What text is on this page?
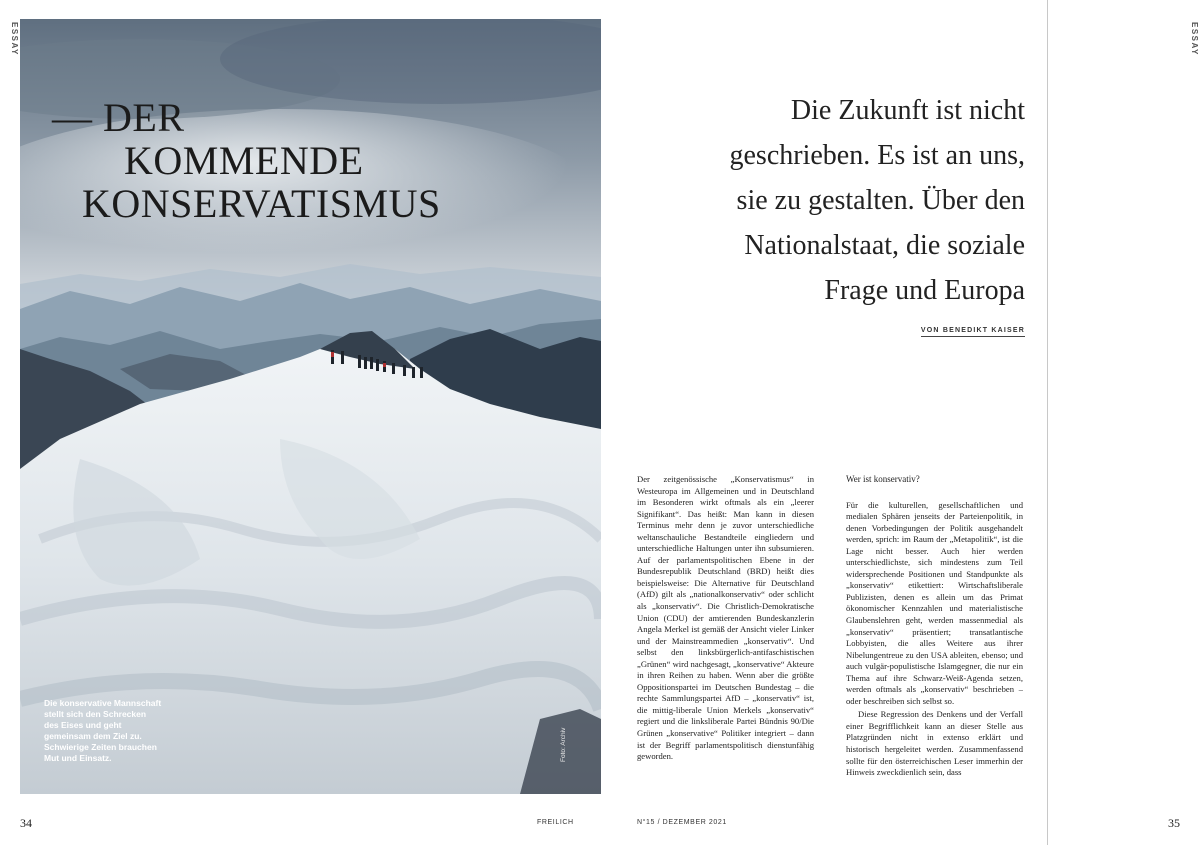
ESSAY	ESSAY
— DER
KOMMENDE
KONSERVATISMUS
Die konservative Mannschaft stellt sich den Schrecken des Eises und geht gemeinsam dem Ziel zu. Schwierige Zeiten brauchen Mut und Einsatz.	Foto: Archiv
Die Zukunft ist nicht
geschrieben. Es ist an uns,
sie zu gestalten. Über den
Nationalstaat, die soziale
Frage und Europa
VON BENEDIKT KAISER

Der zeitgenössische „Konservatismus“ in Westeuropa im Allgemeinen und in Deutschland im Besonderen wirkt oftmals als ein „leerer Signifikant“. Das heißt: Man kann in diesen Terminus mehr denn je zuvor unterschiedliche weltanschauliche Bestandteile eingliedern und unterschiedliche Haltungen unter ihn subsumieren. Auf der parlamentspolitischen Ebene in der Bundesrepublik Deutschland (BRD) heißt dies beispielsweise: Die Alternative für Deutschland (AfD) gilt als „nationalkonservativ“ oder schlicht als „konservativ“. Die Christlich-Demokratische Union (CDU) der amtierenden Bundeskanzlerin Angela Merkel ist gemäß der Ansicht vieler Linker und der Mainstreammedien „konservativ“. Und selbst den linksbürgerlich-antifaschistischen „Grünen“ wird nachgesagt, „konservative“ Akteure in ihren Reihen zu haben. Wenn aber die größte Oppositionspartei im Deutschen Bundestag – die rechte Sammlungspartei AfD – „konservativ“ ist, die mittig-liberale Union Merkels „konservativ“ regiert und die linksliberale Partei Bündnis 90/Die Grünen „konservative“ Politiker integriert – dann ist der Begriff parlamentspolitisch dienstunfähig geworden.

Wer ist konservativ?

Für die kulturellen, gesellschaftlichen und medialen Sphären jenseits der Parteienpolitik, in denen Vorbedingungen der Politik ausgehandelt werden, sprich: im Raum der „Metapolitik“, ist die Lage nicht besser. Auch hier werden unterschiedlichste, sich mindestens zum Teil widersprechende Positionen und Standpunkte als „konservativ“ etikettiert: Wirtschaftsliberale Publizisten, denen es allein um das Primat ökonomischer Kennzahlen und materialistische Glaubenslehren geht, werden massenmedial als „konservativ“ präsentiert; transatlantische Lobbyisten, die alles Weitere aus ihrer Nibelungentreue zu den USA ableiten, ebenso; und auch vulgär-populistische Islamgegner, die nur ein Thema auf ihre Schwarz-Weiß-Agenda setzen, werden oftmals als „konservativ“ beschrieben – oder beschreiben sich selbst so.

Diese Regression des Denkens und der Verfall einer Begrifflichkeit kann an dieser Stelle aus Platzgründen nicht in extenso erklärt und historisch hergeleitet werden. Zusammenfassend sollte für den österreichischen Leser immerhin der Hinweis zweckdienlich sein, dass

34	35
FREILICH	N°15 / DEZEMBER 2021
